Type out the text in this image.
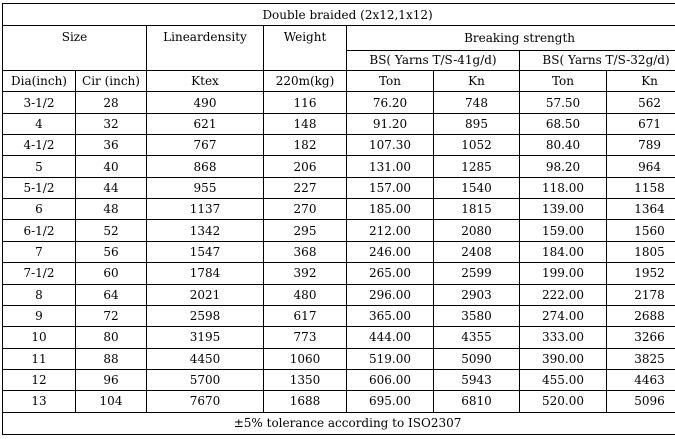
Double braided (2x12,1x12)							
Size		Lineardensity	Weight	Breaking strength			
				BS( Yarns T/S-41g/d)		BS( Yarns T/S-32g/d)	
Dia(inch)	Cir (inch)	Ktex	220m(kg)	Ton	Kn	Ton	Kn
3-1/2	28	490	116	76.20	748	57.50	562
4	32	621	148	91.20	895	68.50	671
4-1/2	36	767	182	107.30	1052	80.40	789
5	40	868	206	131.00	1285	98.20	964
5-1/2	44	955	227	157.00	1540	118.00	1158
6	48	1137	270	185.00	1815	139.00	1364
6-1/2	52	1342	295	212.00	2080	159.00	1560
7	56	1547	368	246.00	2408	184.00	1805
7-1/2	60	1784	392	265.00	2599	199.00	1952
8	64	2021	480	296.00	2903	222.00	2178
9	72	2598	617	365.00	3580	274.00	2688
10	80	3195	773	444.00	4355	333.00	3266
11	88	4450	1060	519.00	5090	390.00	3825
12	96	5700	1350	606.00	5943	455.00	4463
13	104	7670	1688	695.00	6810	520.00	5096
±5% tolerance according to ISO2307							
